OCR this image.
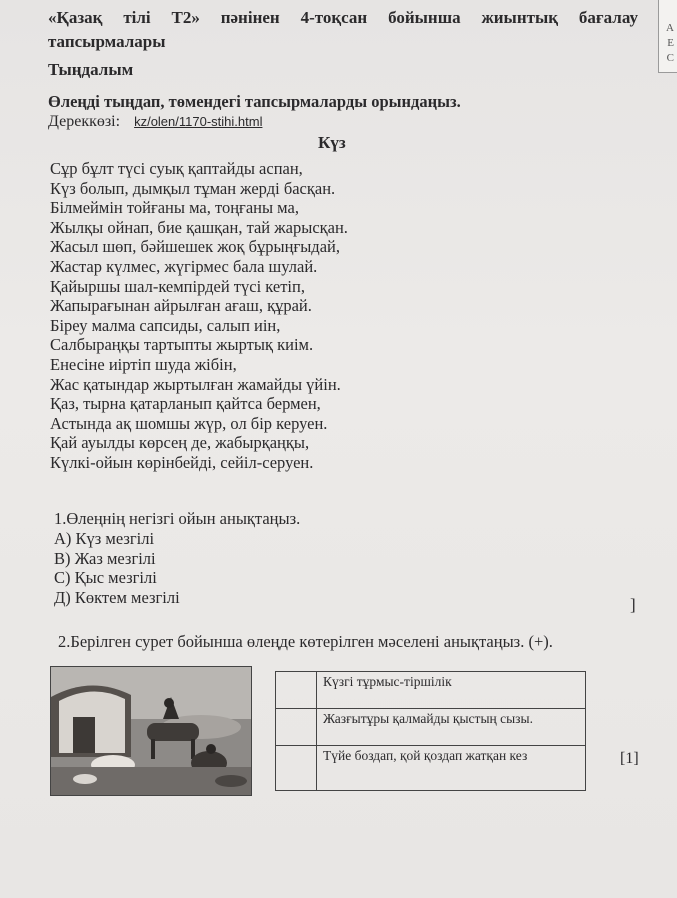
A
E
C
«Қазақ тілі Т2» пәнінен 4-тоқсан бойынша жиынтық бағалау
тапсырмалары
Тыңдалым
Өлеңді тыңдап, төмендегі тапсырмаларды орындаңыз.
Дереккөзі: kz/olen/1170-stihi.html
Күз
Сұр бұлт түсі суық қаптайды аспан,
Күз болып, дымқыл тұман жерді басқан.
Білмеймін тойғаны ма, тоңғаны ма,
Жылқы ойнап, бие қашқан, тай жарысқан.
Жасыл шөп, бәйшешек жоқ бұрыңғыдай,
Жастар күлмес, жүгірмес бала шулай.
Қайыршы шал-кемпірдей түсі кетіп,
Жапырағынан айрылған ағаш, құрай.
Біреу малма сапсиды, салып иін,
Салбыраңқы тартыпты жыртық киім.
Енесіне иіртіп шуда жібін,
Жас қатындар жыртылған жамайды үйін.
Қаз, тырна қатарланып қайтса бермен,
Астында ақ шомшы жүр, ол бір керуен.
Қай ауылды көрсең де, жабырқаңқы,
Күлкі-ойын көрінбейді, сейіл-серуен.
1.Өлеңнің негізгі ойын анықтаңыз.
А) Күз мезгілі
В) Жаз мезгілі
С) Қыс мезгілі
Д) Көктем мезгілі	]
2.Берілген сурет бойынша өлеңде көтерілген мәселені анықтаңыз. (+).
	Күзгі тұрмыс-тіршілік
	Жазғытұры қалмайды қыстың сызы.
	Түйе боздап, қой қоздап жатқан кез	[1]
